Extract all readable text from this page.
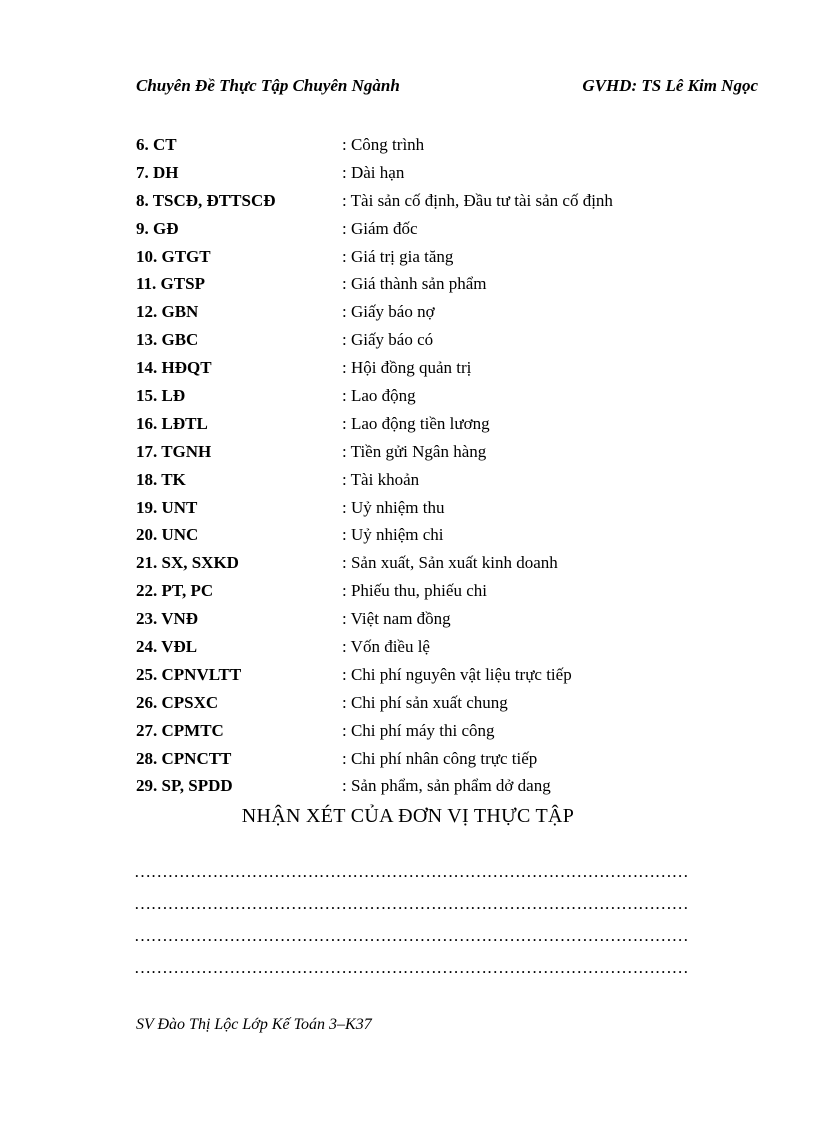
Chuyên Đề Thực Tập Chuyên Ngành	GVHD: TS Lê Kim Ngọc
6. CT	: Công trình
7. DH	: Dài hạn
8. TSCĐ, ĐTTSCĐ	: Tài sản cố định, Đầu tư tài sản cố định
9. GĐ	: Giám đốc
10. GTGT	: Giá trị gia tăng
11. GTSP	: Giá thành sản phẩm
12. GBN	: Giấy báo nợ
13. GBC	: Giấy báo có
14. HĐQT	: Hội đồng quản trị
15. LĐ	: Lao động
16. LĐTL	: Lao động tiền lương
17. TGNH	: Tiền gửi Ngân hàng
18. TK	: Tài khoản
19. UNT	: Uỷ nhiệm thu
20. UNC	: Uỷ nhiệm chi
21. SX, SXKD	: Sản xuất, Sản xuất kinh doanh
22. PT, PC	: Phiếu thu, phiếu chi
23. VNĐ	: Việt nam đồng
24. VĐL	: Vốn điều lệ
25. CPNVLTT	: Chi phí nguyên vật liệu trực tiếp
26. CPSXC	: Chi phí sản xuất chung
27. CPMTC	: Chi phí máy thi công
28. CPNCTT	: Chi phí nhân công trực tiếp
29. SP, SPDD	: Sản phẩm, sản phẩm dở dang
NHẬN XÉT CỦA ĐƠN VỊ THỰC TẬP
………………………………………………………………………………………
………………………………………………………………………………………
………………………………………………………………………………………
………………………………………………………………………………………
SV Đào Thị Lộc Lớp Kế Toán 3–K37
